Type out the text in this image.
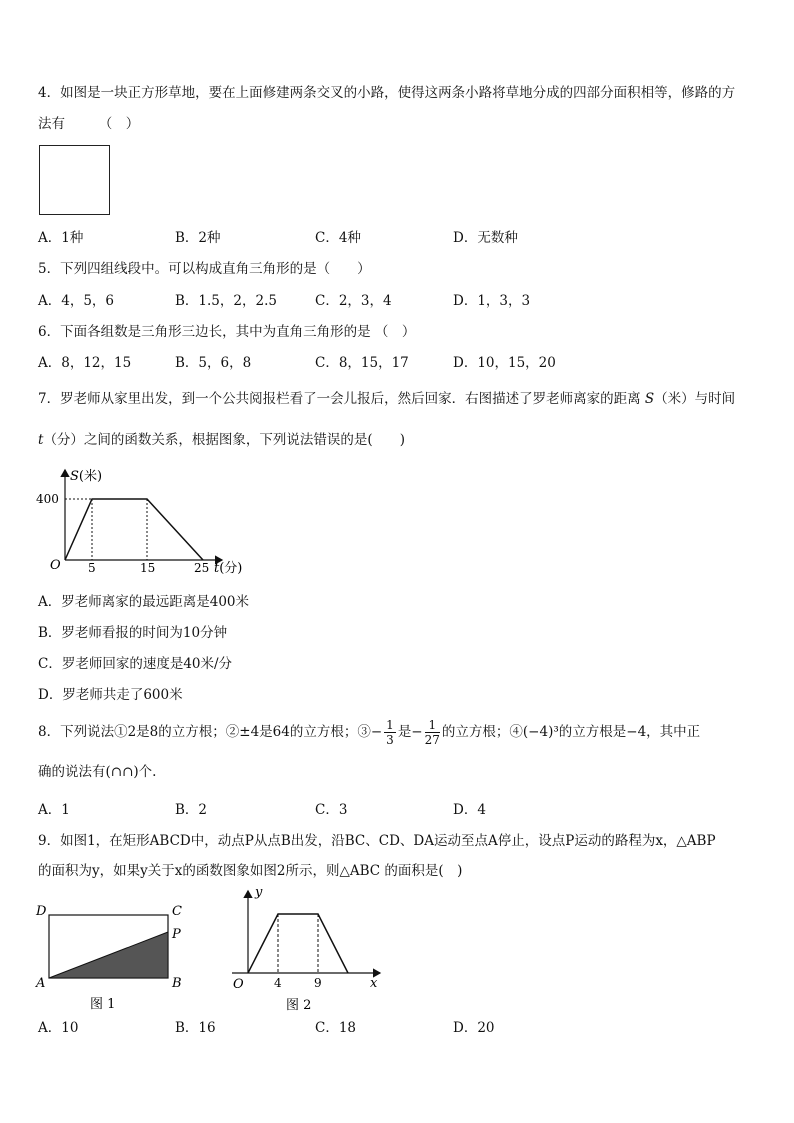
4．如图是一块正方形草地，要在上面修建两条交叉的小路，使得这两条小路将草地分成的四部分面积相等，修路的方
法有　　　（　）
A．1种	B．2种	C．4种	D．无数种
5．下列四组线段中。可以构成直角三角形的是（　　）
A．4，5，6	B．1.5，2，2.5	C．2，3，4	D．1，3，3
6．下面各组数是三角形三边长，其中为直角三角形的是 （　）
A．8，12，15	B．5，6，8	C．8，15，17	D．10，15，20
7．罗老师从家里出发，到一个公共阅报栏看了一会儿报后，然后回家．右图描述了罗老师离家的距离 S（米）与时间
t（分）之间的函数关系，根据图象，下列说法错误的是(　　)
S(米)
400
O 5	15	25 t(分)
A．罗老师离家的最远距离是400米
B．罗老师看报的时间为10分钟
C．罗老师回家的速度是40米/分
D．罗老师共走了600米
8．下列说法①2是8的立方根；②±4是64的立方根；③− $\frac{1}{3}$ 是− $\frac{1}{27}$ 的立方根；④(−4)³的立方根是−4，其中正
确的说法有(∩∩)个.
A．1	B．2	C．3	D．4
9．如图1，在矩形ABCD中，动点P从点B出发，沿BC、CD、DA运动至点A停止，设点P运动的路程为x，△ABP
的面积为y，如果y关于x的函数图象如图2所示，则△ABC 的面积是(　)
D	C
P
A	B
图 1
y
x
O	4	9
图 2
A．10	B．16	C．18	D．20
